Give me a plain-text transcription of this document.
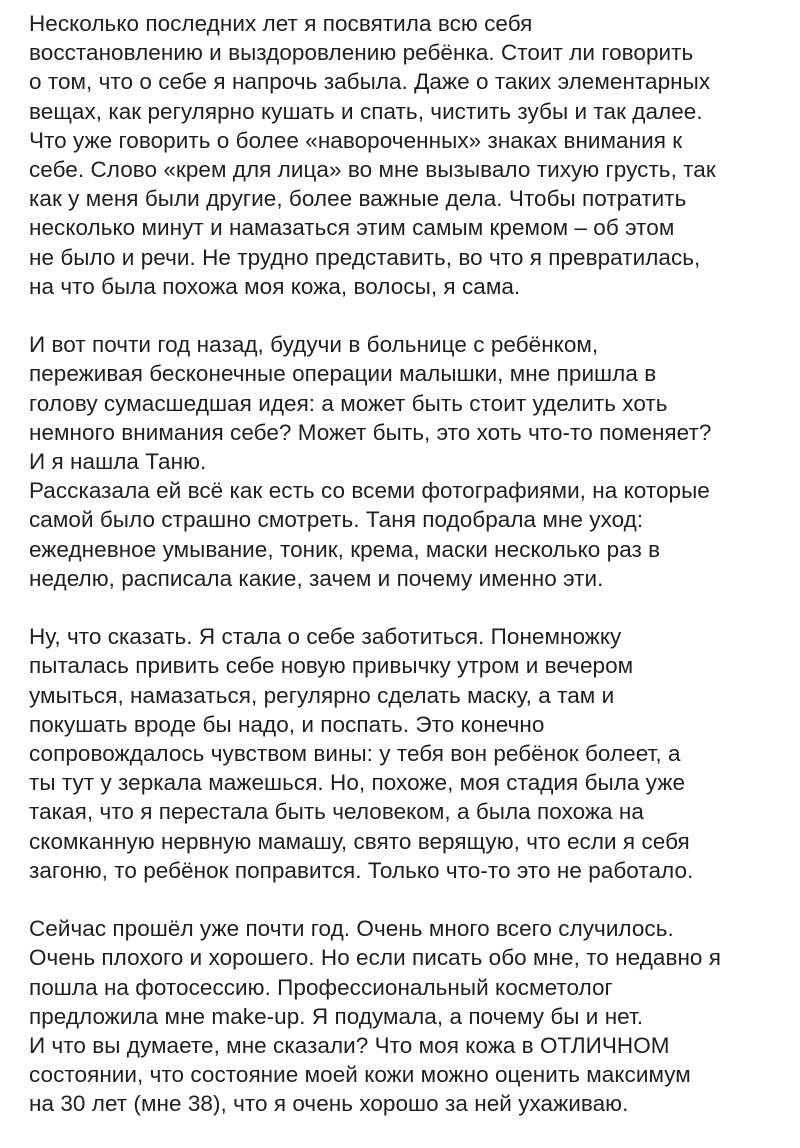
Несколько последних лет я посвятила всю себя
восстановлению и выздоровлению ребёнка. Стоит ли говорить
о том, что о себе я напрочь забыла. Даже о таких элементарных
вещах, как регулярно кушать и спать, чистить зубы и так далее.
Что уже говорить о более «навороченных» знаках внимания к
себе. Слово «крем для лица» во мне вызывало тихую грусть, так
как у меня были другие, более важные дела. Чтобы потратить
несколько минут и намазаться этим самым кремом – об этом
не было и речи. Не трудно представить, во что я превратилась,
на что была похожа моя кожа, волосы, я сама.
И вот почти год назад, будучи в больнице с ребёнком,
переживая бесконечные операции малышки, мне пришла в
голову сумасшедшая идея: а может быть стоит уделить хоть
немного внимания себе? Может быть, это хоть что-то поменяет?
И я нашла Таню.
Рассказала ей всё как есть со всеми фотографиями, на которые
самой было страшно смотреть. Таня подобрала мне уход:
ежедневное умывание, тоник, крема, маски несколько раз в
неделю, расписала какие, зачем и почему именно эти.
Ну, что сказать. Я стала о себе заботиться. Понемножку
пыталась привить себе новую привычку утром и вечером
умыться, намазаться, регулярно сделать маску, а там и
покушать вроде бы надо, и поспать. Это конечно
сопровождалось чувством вины: у тебя вон ребёнок болеет, а
ты тут у зеркала мажешься. Но, похоже, моя стадия была уже
такая, что я перестала быть человеком, а была похожа на
скомканную нервную мамашу, свято верящую, что если я себя
загоню, то ребёнок поправится. Только что-то это не работало.
Сейчас прошёл уже почти год. Очень много всего случилось.
Очень плохого и хорошего. Но если писать обо мне, то недавно я
пошла на фотосессию. Профессиональный косметолог
предложила мне make-up. Я подумала, а почему бы и нет.
И что вы думаете, мне сказали? Что моя кожа в ОТЛИЧНОМ
состоянии, что состояние моей кожи можно оценить максимум
на 30 лет (мне 38), что я очень хорошо за ней ухаживаю.
